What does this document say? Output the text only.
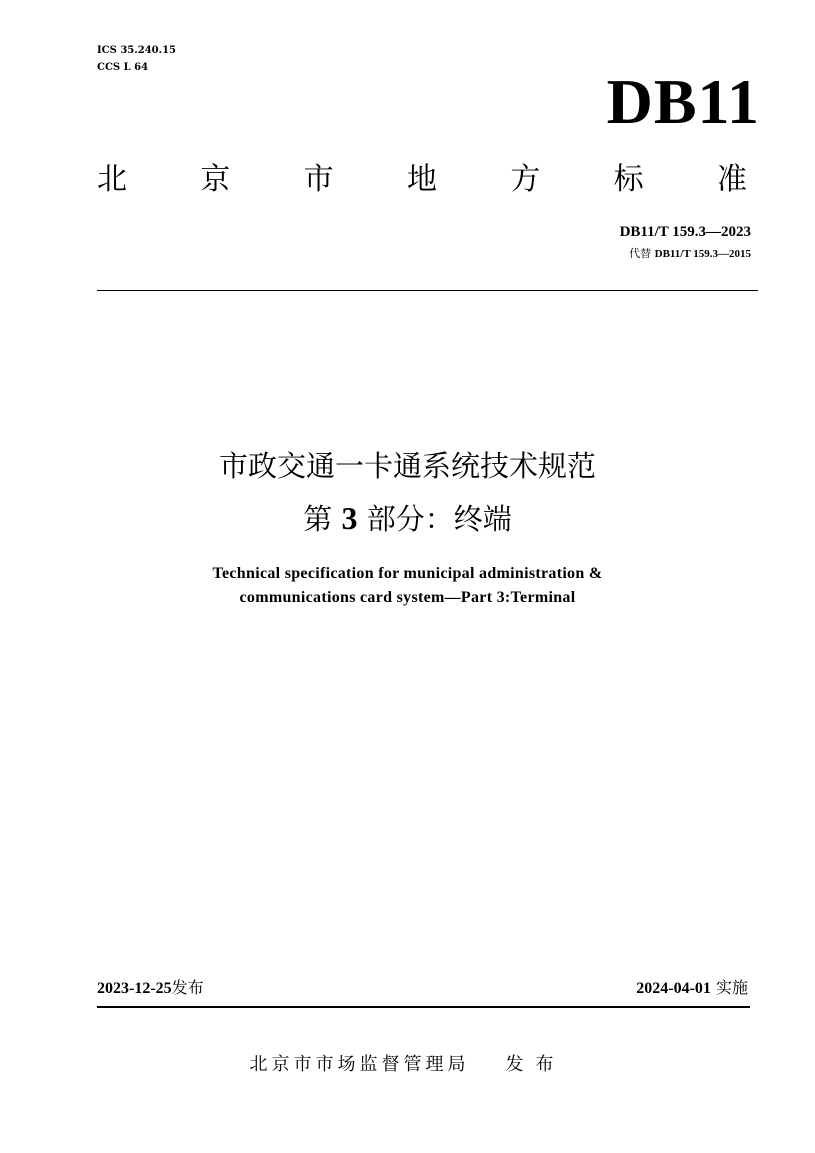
ICS 35.240.15
CCS L 64	DB11
北 京 市 地 方 标 准
DB11/T 159.3—2023
代替 DB11/T 159.3—2015
市政交通一卡通系统技术规范
第 3 部分：终端
Technical specification for municipal administration &
communications card system—Part 3:Terminal
2023-12-25发布	2024-04-01 实施
北京市市场监督管理局 发布
